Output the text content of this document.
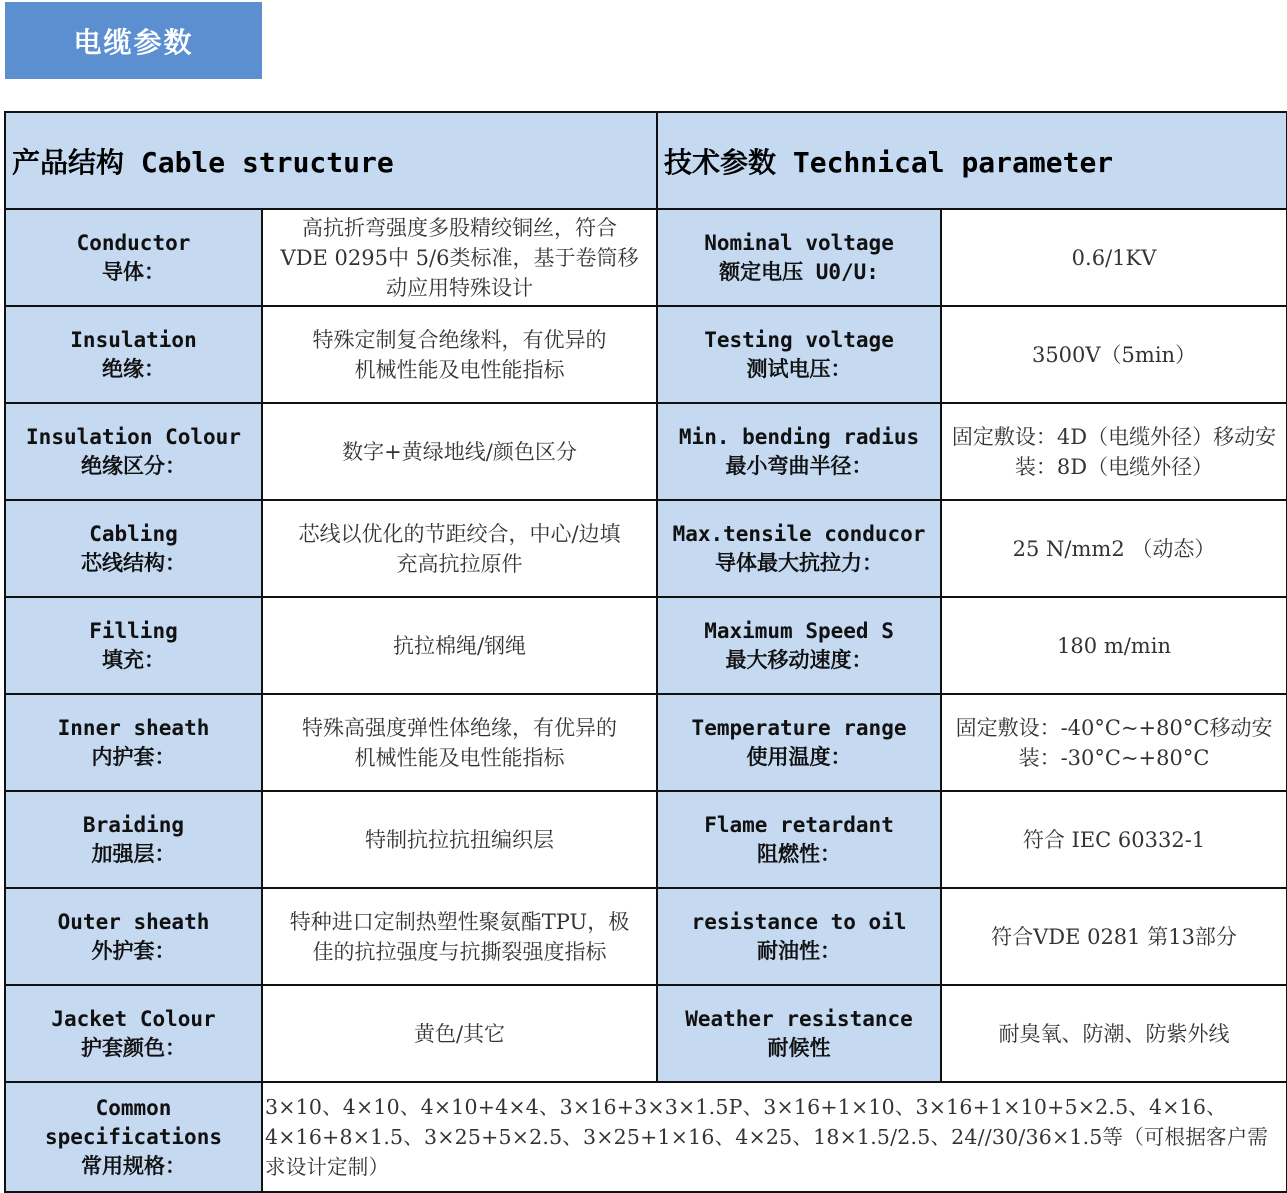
电缆参数
产品结构 Cable structure		技术参数 Technical parameter	

Conductor
导体：	高抗折弯强度多股精绞铜丝，符合
VDE 0295中 5/6类标准，基于卷筒移
动应用特殊设计	Nominal voltage
额定电压 U0/U:	0.6/1KV

Insulation
绝缘：	特殊定制复合绝缘料，有优异的
机械性能及电性能指标	Testing voltage
测试电压：	3500V（5min）

Insulation Colour
绝缘区分：	数字+黄绿地线/颜色区分	Min. bending radius
最小弯曲半径：	固定敷设：4D（电缆外径）移动安装：8D（电缆外径）

Cabling
芯线结构：	芯线以优化的节距绞合，中心/边填
充高抗拉原件	Max.tensile conducor
导体最大抗拉力：	25 N/mm2 （动态）

Filling
填充：	抗拉棉绳/钢绳	Maximum Speed S
最大移动速度：	180 m/min

Inner sheath
内护套：	特殊高强度弹性体绝缘，有优异的
机械性能及电性能指标	Temperature range
使用温度：	固定敷设：-40°C~+80°C移动安装：-30°C~+80°C

Braiding
加强层：	特制抗拉抗扭编织层	Flame retardant
阻燃性：	符合 IEC 60332-1

Outer sheath
外护套：	特种进口定制热塑性聚氨酯TPU，极
佳的抗拉强度与抗撕裂强度指标	resistance to oil
耐油性：	符合VDE 0281 第13部分

Jacket Colour
护套颜色：	黄色/其它	Weather resistance
耐候性	耐臭氧、防潮、防紫外线

Common
specifications
常用规格：	3×10、4×10、4×10+4×4、3×16+3×3×1.5P、3×16+1×10、3×16+1×10+5×2.5、4×16、4×16+8×1.5、3×25+5×2.5、3×25+1×16、4×25、18×1.5/2.5、24//30/36×1.5等（可根据客户需求设计定制）		
